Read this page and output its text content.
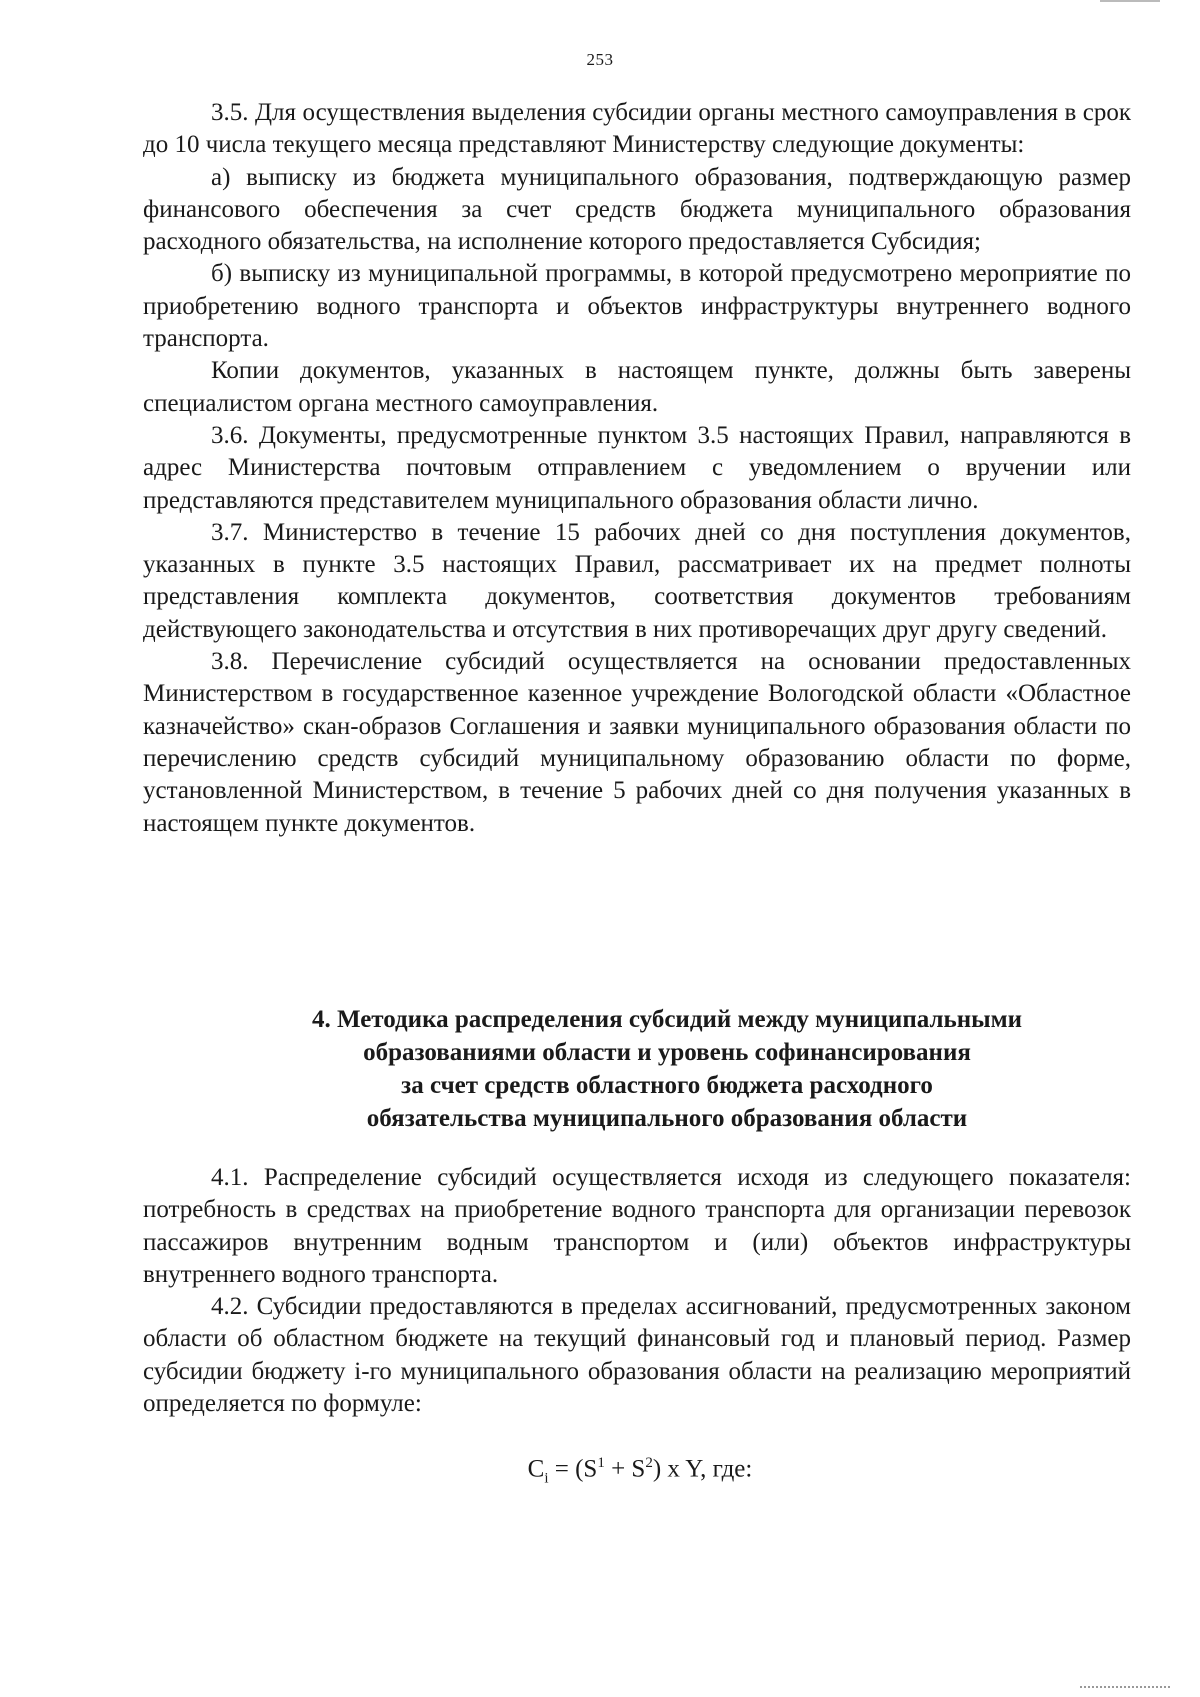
253

3.5. Для осуществления выделения субсидии органы местного самоуправления в срок до 10 числа текущего месяца представляют Министерству следующие документы:

а) выписку из бюджета муниципального образования, подтверждающую размер финансового обеспечения за счет средств бюджета муниципального образования расходного обязательства, на исполнение которого предоставляется Субсидия;

б) выписку из муниципальной программы, в которой предусмотрено мероприятие по приобретению водного транспорта и объектов инфраструктуры внутреннего водного транспорта.

Копии документов, указанных в настоящем пункте, должны быть заверены специалистом органа местного самоуправления.

3.6. Документы, предусмотренные пунктом 3.5 настоящих Правил, направляются в адрес Министерства почтовым отправлением с уведомлением о вручении или представляются представителем муниципального образования области лично.

3.7. Министерство в течение 15 рабочих дней со дня поступления документов, указанных в пункте 3.5 настоящих Правил, рассматривает их на предмет полноты представления комплекта документов, соответствия документов требованиям действующего законодательства и отсутствия в них противоречащих друг другу сведений.

3.8. Перечисление субсидий осуществляется на основании предоставленных Министерством в государственное казенное учреждение Вологодской области «Областное казначейство» скан-образов Соглашения и заявки муниципального образования области по перечислению средств субсидий муниципальному образованию области по форме, установленной Министерством, в течение 5 рабочих дней со дня получения указанных в настоящем пункте документов.

4. Методика распределения субсидий между муниципальными
образованиями области и уровень софинансирования
за счет средств областного бюджета расходного
обязательства муниципального образования области

4.1. Распределение субсидий осуществляется исходя из следующего показателя: потребность в средствах на приобретение водного транспорта для организации перевозок пассажиров внутренним водным транспортом и (или) объектов инфраструктуры внутреннего водного транспорта.

4.2. Субсидии предоставляются в пределах ассигнований, предусмотренных законом области об областном бюджете на текущий финансовый год и плановый период. Размер субсидии бюджету i-го муниципального образования области на реализацию мероприятий определяется по формуле:

$C_i = (S^1 + S^2)$ x Y, где:
